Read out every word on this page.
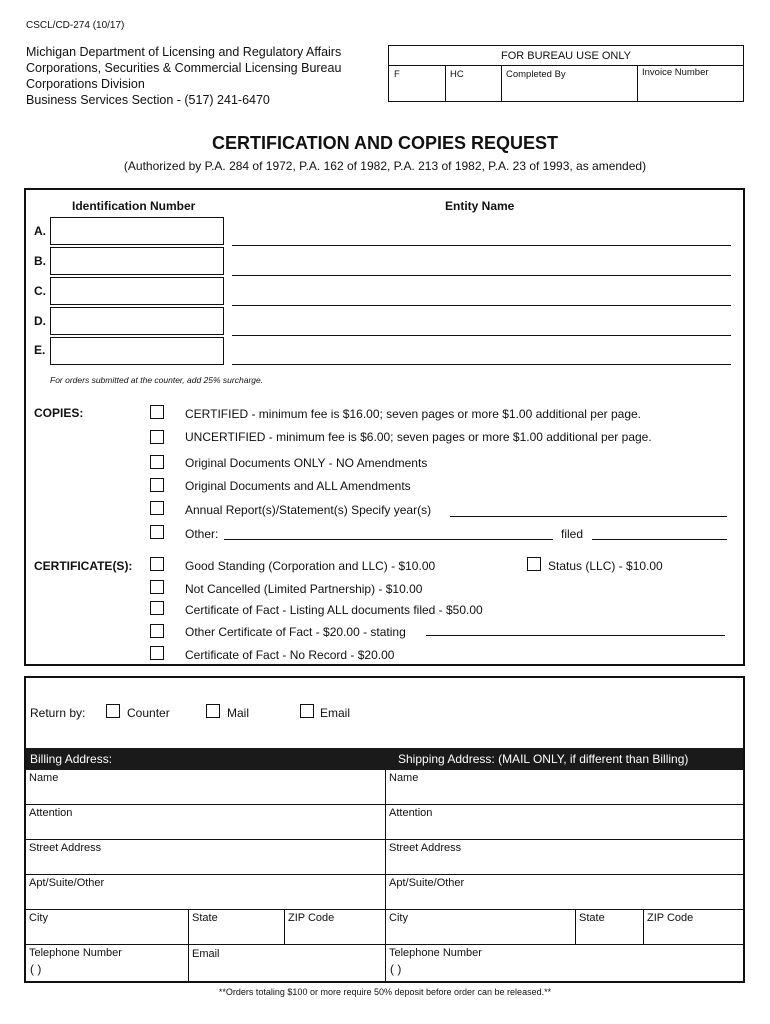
CSCL/CD-274 (10/17)
Michigan Department of Licensing and Regulatory Affairs
Corporations, Securities & Commercial Licensing Bureau
Corporations Division
Business Services Section - (517) 241-6470
FOR BUREAU USE ONLY
F	HC	Completed By	Invoice Number
CERTIFICATION AND COPIES REQUEST
(Authorized by P.A. 284 of 1972, P.A. 162 of 1982, P.A. 213 of 1982, P.A. 23 of 1993, as amended)
Identification Number	Entity Name
A.
B.
C.
D.
E.
For orders submitted at the counter, add 25% surcharge.
COPIES:	CERTIFIED - minimum fee is $16.00; seven pages or more $1.00 additional per page.
UNCERTIFIED - minimum fee is $6.00; seven pages or more $1.00 additional per page.
Original Documents ONLY - NO Amendments
Original Documents and ALL Amendments
Annual Report(s)/Statement(s) Specify year(s)
Other:	filed
CERTIFICATE(S):	Good Standing (Corporation and LLC) - $10.00	Status (LLC) - $10.00
Not Cancelled (Limited Partnership) - $10.00
Certificate of Fact - Listing ALL documents filed - $50.00
Other Certificate of Fact - $20.00 - stating
Certificate of Fact - No Record - $20.00
Return by:	Counter	Mail	Email
Billing Address:	Shipping Address: (MAIL ONLY, if different than Billing)
Name
Attention
Street Address
Apt/Suite/Other
City	State	ZIP Code
Telephone Number
( )
Email
Name
Attention
Street Address
Apt/Suite/Other
City	State	ZIP Code
Telephone Number
( )
**Orders totaling $100 or more require 50% deposit before order can be released.**
